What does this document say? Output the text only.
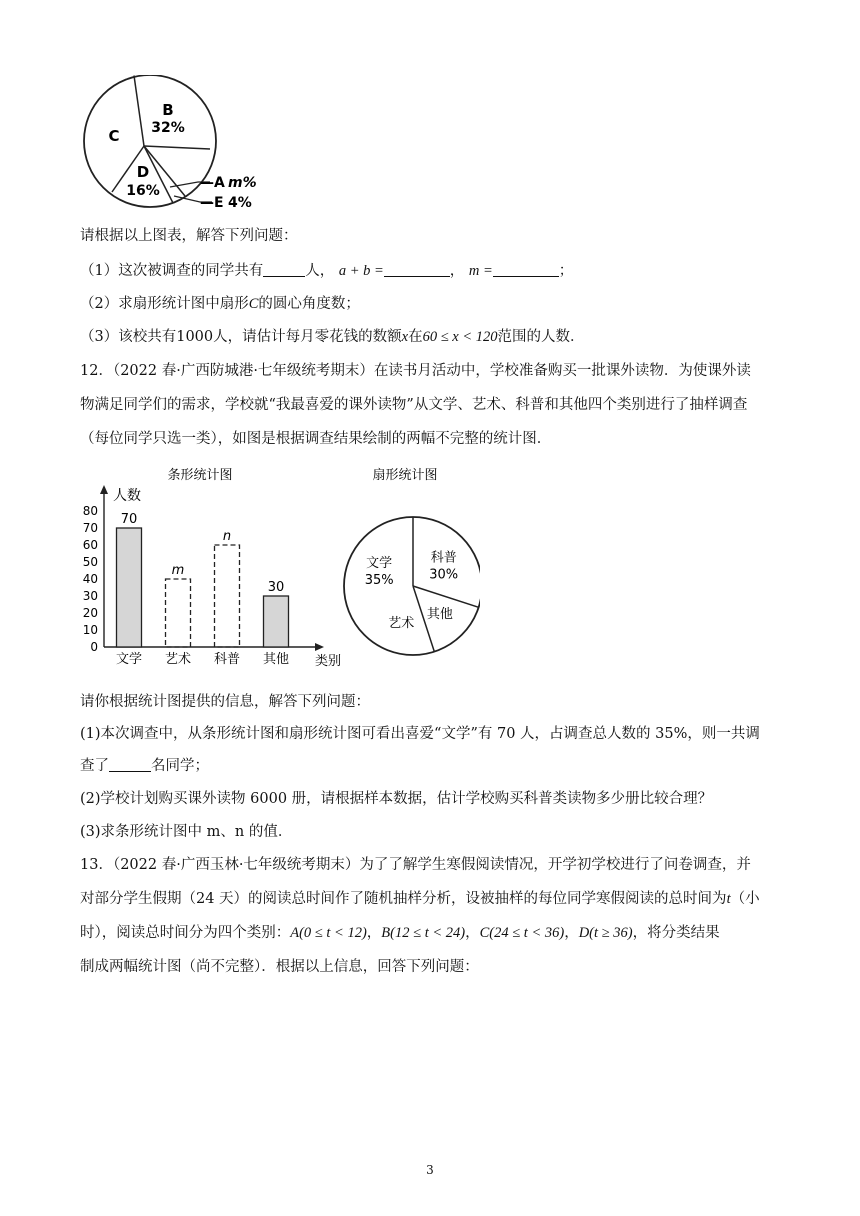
B
32%
C
D
16%	—A m%
—E 4%
请根据以上图表，解答下列问题：
（1）这次被调查的同学共有	人， a + b =	， m =	；
（2）求扇形统计图中扇形C的圆心角度数；
（3）该校共有1000人，请估计每月零花钱的数额x在60 ≤ x < 120范围的人数．
12．（2022 春·广西防城港·七年级统考期末）在读书月活动中，学校准备购买一批课外读物．为使课外读
物满足同学们的需求，学校就“我最喜爱的课外读物”从文学、艺术、科普和其他四个类别进行了抽样调查
（每位同学只选一类），如图是根据调查结果绘制的两幅不完整的统计图．
条形统计图
人数
类别
0
10
20
30
40
50
60
70
80
70
文学
m
艺术
n
科普
30
其他
扇形统计图
文学
35%
科普
30%
其他
艺术
请你根据统计图提供的信息，解答下列问题：
(1)本次调查中，从条形统计图和扇形统计图可看出喜爱“文学”有 70 人，占调查总人数的 35%，则一共调
查了	名同学；
(2)学校计划购买课外读物 6000 册，请根据样本数据，估计学校购买科普类读物多少册比较合理？
(3)求条形统计图中 m、n 的值．
13．（2022 春·广西玉林·七年级统考期末）为了了解学生寒假阅读情况，开学初学校进行了问卷调查，并
对部分学生假期（24 天）的阅读总时间作了随机抽样分析，设被抽样的每位同学寒假阅读的总时间为t（小
时），阅读总时间分为四个类别：A(0 ≤ t < 12)，B(12 ≤ t < 24)，C(24 ≤ t < 36)，D(t ≥ 36)，将分类结果
制成两幅统计图（尚不完整）．根据以上信息，回答下列问题：
3
